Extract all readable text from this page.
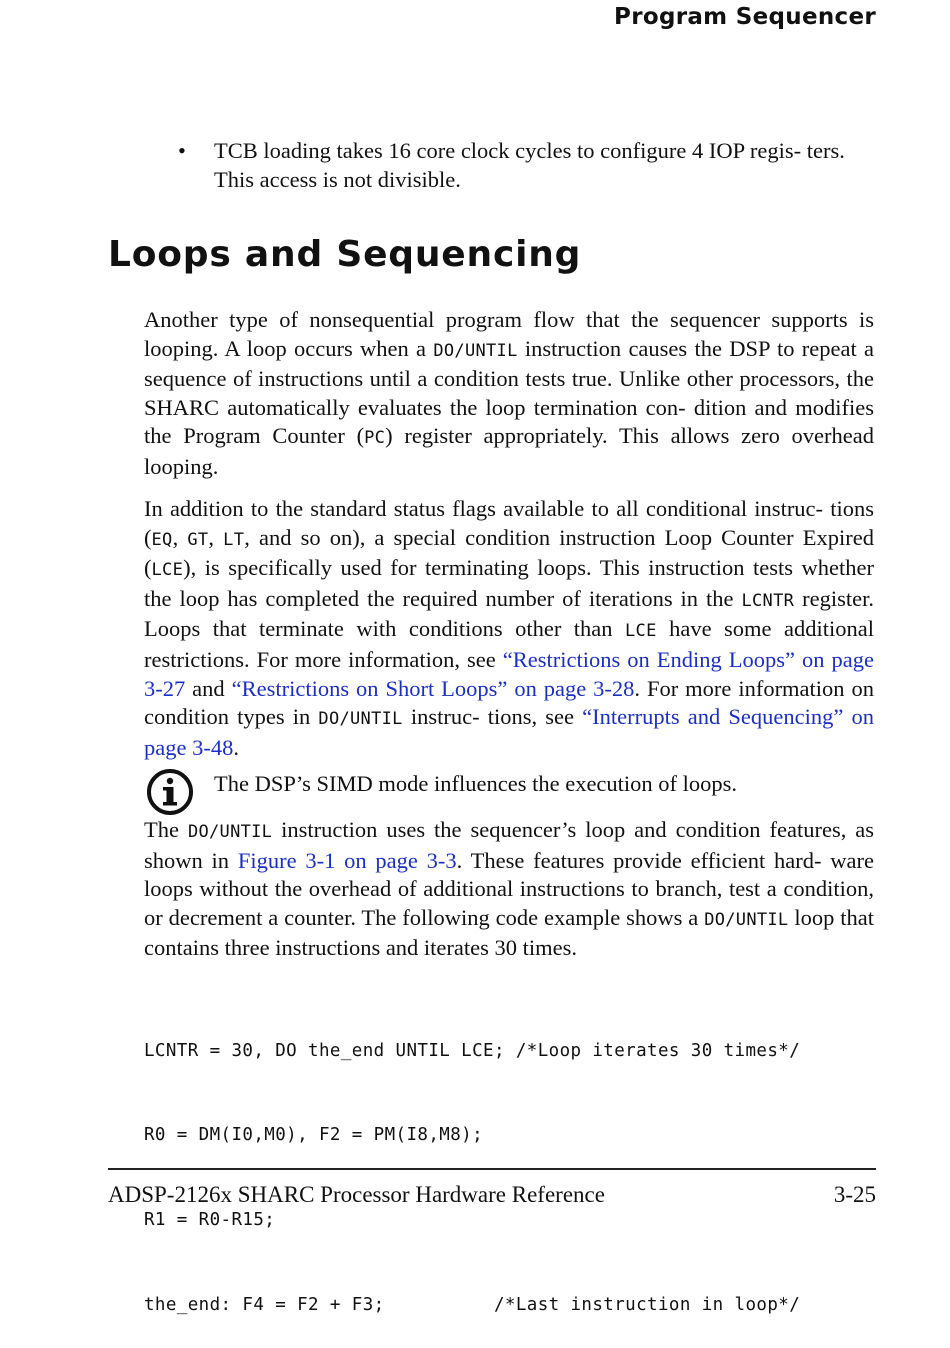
Program Sequencer
• TCB loading takes 16 core clock cycles to configure 4 IOP regis- ters. This access is not divisible.
Loops and Sequencing
Another type of nonsequential program flow that the sequencer supports is looping. A loop occurs when a DO/UNTIL instruction causes the DSP to repeat a sequence of instructions until a condition tests true. Unlike other processors, the SHARC automatically evaluates the loop termination con- dition and modifies the Program Counter (PC) register appropriately. This allows zero overhead looping.
In addition to the standard status flags available to all conditional instruc- tions (EQ, GT, LT, and so on), a special condition instruction Loop Counter Expired (LCE), is specifically used for terminating loops. This instruction tests whether the loop has completed the required number of iterations in the LCNTR register. Loops that terminate with conditions other than LCE have some additional restrictions. For more information, see “Restrictions on Ending Loops” on page 3-27 and “Restrictions on Short Loops” on page 3-28. For more information on condition types in DO/UNTIL instruc- tions, see “Interrupts and Sequencing” on page 3-48.
The DSP’s SIMD mode influences the execution of loops.
The DO/UNTIL instruction uses the sequencer’s loop and condition features, as shown in Figure 3-1 on page 3-3. These features provide efficient hard- ware loops without the overhead of additional instructions to branch, test a condition, or decrement a counter. The following code example shows a DO/UNTIL loop that contains three instructions and iterates 30 times.

LCNTR = 30, DO the_end UNTIL LCE; /*Loop iterates 30 times*/

R0 = DM(I0,M0), F2 = PM(I8,M8);

R1 = R0-R15;

the_end: F4 = F2 + F3;          /*Last instruction in loop*/

ADSP-2126x SHARC Processor Hardware Reference	3-25
